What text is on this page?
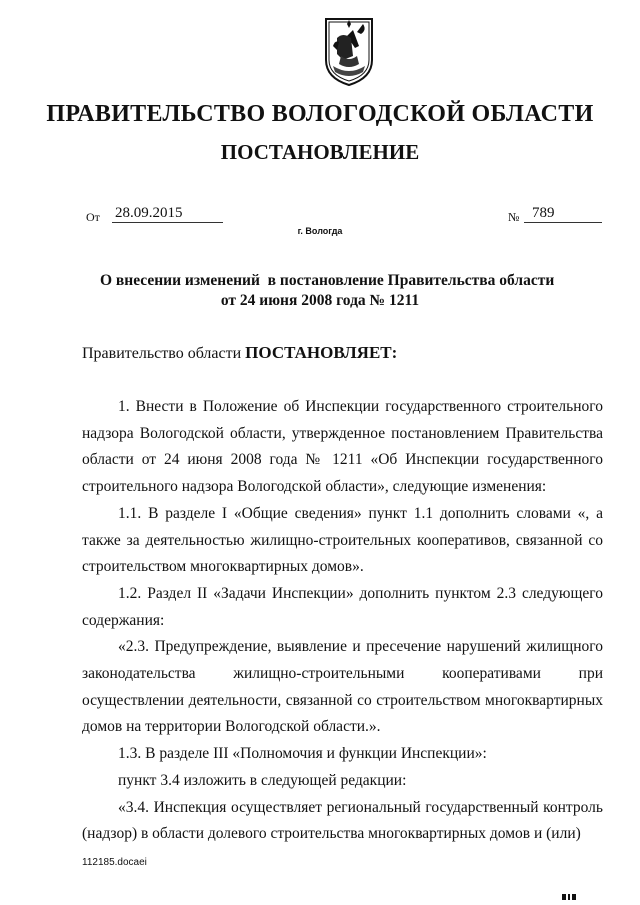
ПРАВИТЕЛЬСТВО ВОЛОГОДСКОЙ ОБЛАСТИ
ПОСТАНОВЛЕНИЕ
От 28.09.2015	№ 789
г. Вологда
О внесении изменений  в постановление Правительства области
от 24 июня 2008 года № 1211
Правительство области ПОСТАНОВЛЯЕТ:

1. Внести в Положение об Инспекции государственного строительного надзора Вологодской области, утвержденное постановлением Правительства области от 24 июня 2008 года № 1211 «Об Инспекции государственного строительного надзора Вологодской области», следующие изменения:

1.1. В разделе I «Общие сведения» пункт 1.1 дополнить словами «, а также за деятельностью жилищно-строительных кооперативов, связанной со строительством многоквартирных домов».

1.2. Раздел II «Задачи Инспекции» дополнить пунктом 2.3 следующего содержания:

«2.3. Предупреждение, выявление и пресечение нарушений жилищного законодательства жилищно-строительными кооперативами при осуществлении деятельности, связанной со строительством многоквартирных домов на территории Вологодской области.».

1.3. В разделе III «Полномочия и функции Инспекции»:

пункт 3.4 изложить в следующей редакции:

«3.4. Инспекция осуществляет региональный государственный контроль (надзор) в области долевого строительства многоквартирных домов и (или)

112185.docaei
